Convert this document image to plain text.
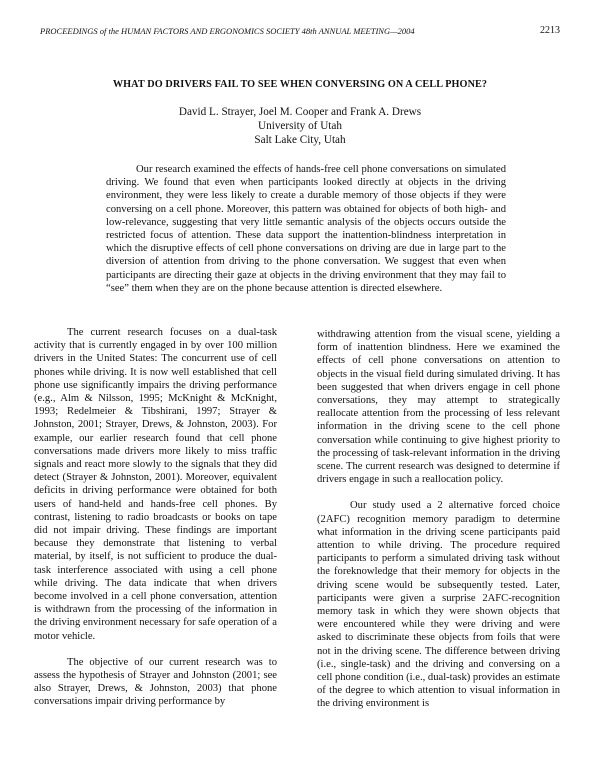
PROCEEDINGS of the HUMAN FACTORS AND ERGONOMICS SOCIETY 48th ANNUAL MEETING—2004	2213
WHAT DO DRIVERS FAIL TO SEE WHEN CONVERSING ON A CELL PHONE?
David L. Strayer, Joel M. Cooper and Frank A. Drews
University of Utah
Salt Lake City, Utah
Our research examined the effects of hands-free cell phone conversations on simulated driving. We found that even when participants looked directly at objects in the driving environment, they were less likely to create a durable memory of those objects if they were conversing on a cell phone. Moreover, this pattern was obtained for objects of both high- and low-relevance, suggesting that very little semantic analysis of the objects occurs outside the restricted focus of attention. These data support the inattention-blindness interpretation in which the disruptive effects of cell phone conversations on driving are due in large part to the diversion of attention from driving to the phone conversation. We suggest that even when participants are directing their gaze at objects in the driving environment that they may fail to “see” them when they are on the phone because attention is directed elsewhere.

The current research focuses on a dual-task activity that is currently engaged in by over 100 million drivers in the United States: The concurrent use of cell phones while driving. It is now well established that cell phone use significantly impairs the driving performance (e.g., Alm & Nilsson, 1995; McKnight & McKnight, 1993; Redelmeier & Tibshirani, 1997; Strayer & Johnston, 2001; Strayer, Drews, & Johnston, 2003). For example, our earlier research found that cell phone conversations made drivers more likely to miss traffic signals and react more slowly to the signals that they did detect (Strayer & Johnston, 2001). Moreover, equivalent deficits in driving performance were obtained for both users of hand-held and hands-free cell phones. By contrast, listening to radio broadcasts or books on tape did not impair driving. These findings are important because they demonstrate that listening to verbal material, by itself, is not sufficient to produce the dual-task interference associated with using a cell phone while driving. The data indicate that when drivers become involved in a cell phone conversation, attention is withdrawn from the processing of the information in the driving environment necessary for safe operation of a motor vehicle.

The objective of our current research was to assess the hypothesis of Strayer and Johnston (2001; see also Strayer, Drews, & Johnston, 2003) that phone conversations impair driving performance by

withdrawing attention from the visual scene, yielding a form of inattention blindness. Here we examined the effects of cell phone conversations on attention to objects in the visual field during simulated driving. It has been suggested that when drivers engage in cell phone conversations, they may attempt to strategically reallocate attention from the processing of less relevant information in the driving scene to the cell phone conversation while continuing to give highest priority to the processing of task-relevant information in the driving scene. The current research was designed to determine if drivers engage in such a reallocation policy.

Our study used a 2 alternative forced choice (2AFC) recognition memory paradigm to determine what information in the driving scene participants paid attention to while driving. The procedure required participants to perform a simulated driving task without the foreknowledge that their memory for objects in the driving scene would be subsequently tested. Later, participants were given a surprise 2AFC-recognition memory task in which they were shown objects that were encountered while they were driving and were asked to discriminate these objects from foils that were not in the driving scene. The difference between driving (i.e., single-task) and the driving and conversing on a cell phone condition (i.e., dual-task) provides an estimate of the degree to which attention to visual information in the driving environment is
